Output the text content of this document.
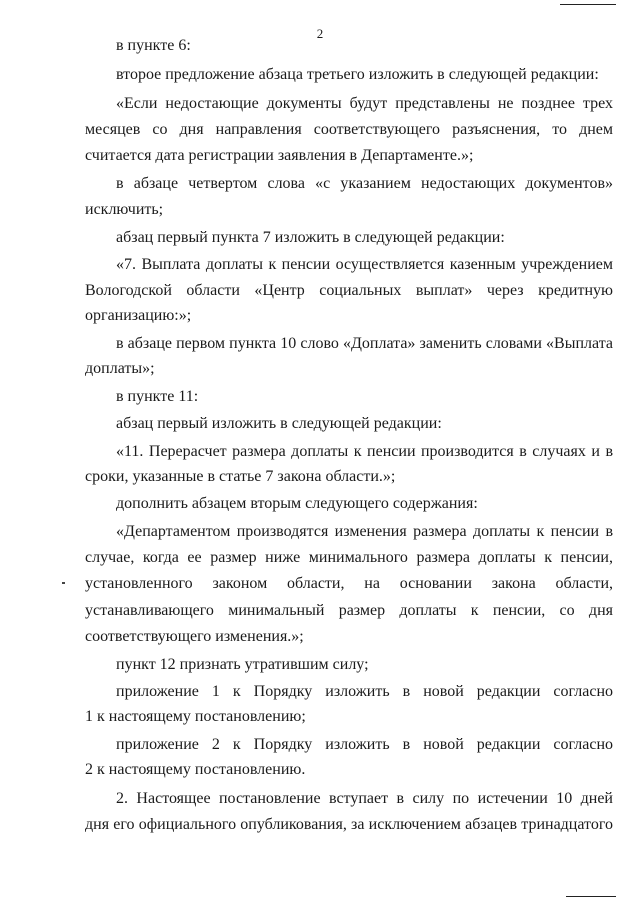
2
в пункте 6:
второе предложение абзаца третьего изложить в следующей редакции:
«Если недостающие документы будут представлены не позднее трех
месяцев со дня направления соответствующего разъяснения, то днем
считается дата регистрации заявления в Департаменте.»;
в абзаце четвертом слова «с указанием недостающих документов»
исключить;
абзац первый пункта 7 изложить в следующей редакции:
«7. Выплата доплаты к пенсии осуществляется казенным учреждением
Вологодской области «Центр социальных выплат» через кредитную
организацию:»;
в абзаце первом пункта 10 слово «Доплата» заменить словами «Выплата
доплаты»;
в пункте 11:
абзац первый изложить в следующей редакции:
«11. Перерасчет размера доплаты к пенсии производится в случаях и в
сроки, указанные в статье 7 закона области.»;
дополнить абзацем вторым следующего содержания:
«Департаментом производятся изменения размера доплаты к пенсии в
случае, когда ее размер ниже минимального размера доплаты к пенсии,
установленного законом области, на основании закона области,
устанавливающего минимальный размер доплаты к пенсии, со дня
соответствующего изменения.»;
пункт 12 признать утратившим силу;
приложение 1 к Порядку изложить в новой редакции согласно
1 к настоящему постановлению;
приложение 2 к Порядку изложить в новой редакции согласно
2 к настоящему постановлению.
2. Настоящее постановление вступает в силу по истечении 10 дней
дня его официального опубликования, за исключением абзацев тринадцатого
